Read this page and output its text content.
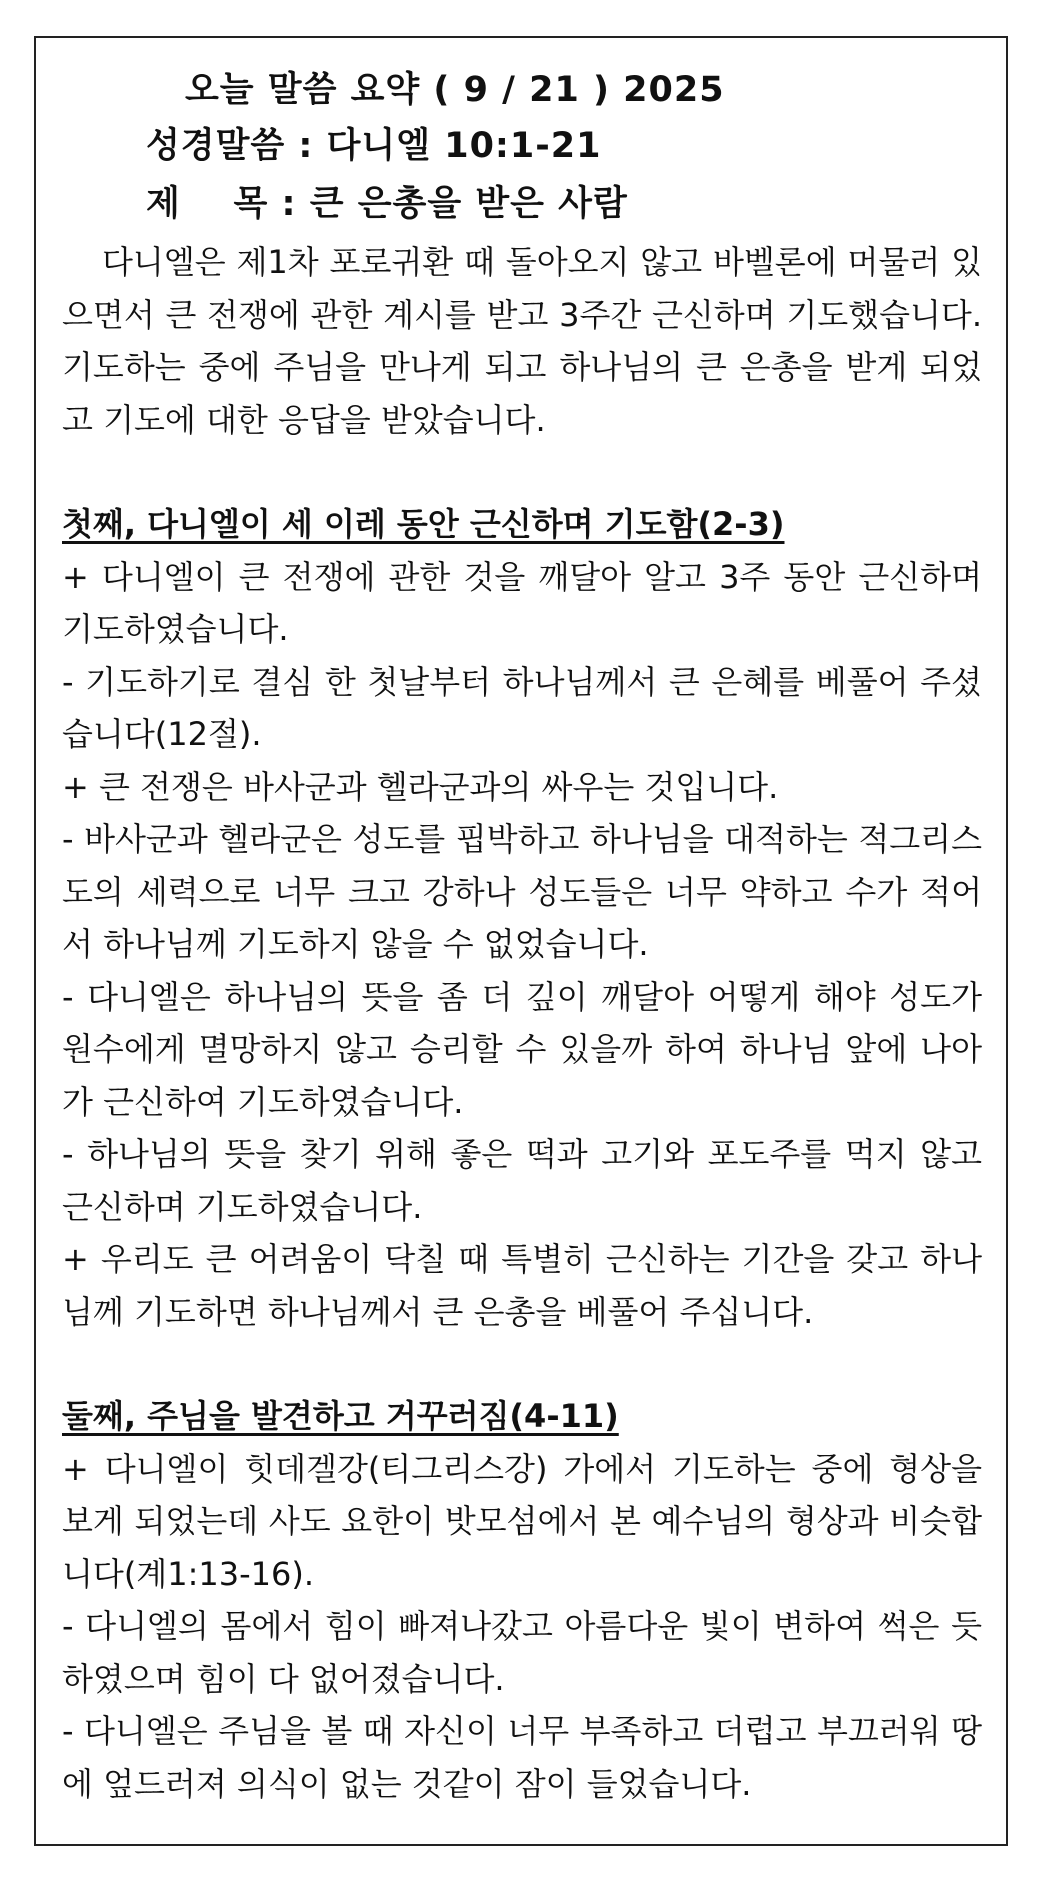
오늘 말씀 요약 ( 9 / 21 ) 2025
성경말씀 : 다니엘 10:1-21
제    목 : 큰 은총을 받은 사람

다니엘은 제1차 포로귀환 때 돌아오지 않고 바벨론에 머물러 있으면서 큰 전쟁에 관한 계시를 받고 3주간 근신하며 기도했습니다. 기도하는 중에 주님을 만나게 되고 하나님의 큰 은총을 받게 되었고 기도에 대한 응답을 받았습니다.

첫째, 다니엘이 세 이레 동안 근신하며 기도함(2-3)

+ 다니엘이 큰 전쟁에 관한 것을 깨달아 알고 3주 동안 근신하며 기도하였습니다.

- 기도하기로 결심 한 첫날부터 하나님께서 큰 은혜를 베풀어 주셨습니다(12절).

+ 큰 전쟁은 바사군과 헬라군과의 싸우는 것입니다.

- 바사군과 헬라군은 성도를 핍박하고 하나님을 대적하는 적그리스도의 세력으로 너무 크고 강하나 성도들은 너무 약하고 수가 적어서 하나님께 기도하지 않을 수 없었습니다.

- 다니엘은 하나님의 뜻을 좀 더 깊이 깨달아 어떻게 해야 성도가 원수에게 멸망하지 않고 승리할 수 있을까 하여 하나님 앞에 나아가 근신하여 기도하였습니다.

- 하나님의 뜻을 찾기 위해 좋은 떡과 고기와 포도주를 먹지 않고 근신하며 기도하였습니다.

+ 우리도 큰 어려움이 닥칠 때 특별히 근신하는 기간을 갖고 하나님께 기도하면 하나님께서 큰 은총을 베풀어 주십니다.

둘째, 주님을 발견하고 거꾸러짐(4-11)

+ 다니엘이 힛데겔강(티그리스강) 가에서 기도하는 중에 형상을 보게 되었는데 사도 요한이 밧모섬에서 본 예수님의 형상과 비슷합니다(계1:13-16).

- 다니엘의 몸에서 힘이 빠져나갔고 아름다운 빛이 변하여 썩은 듯하였으며 힘이 다 없어졌습니다.

- 다니엘은 주님을 볼 때 자신이 너무 부족하고 더럽고 부끄러워 땅에 엎드러져 의식이 없는 것같이 잠이 들었습니다.
